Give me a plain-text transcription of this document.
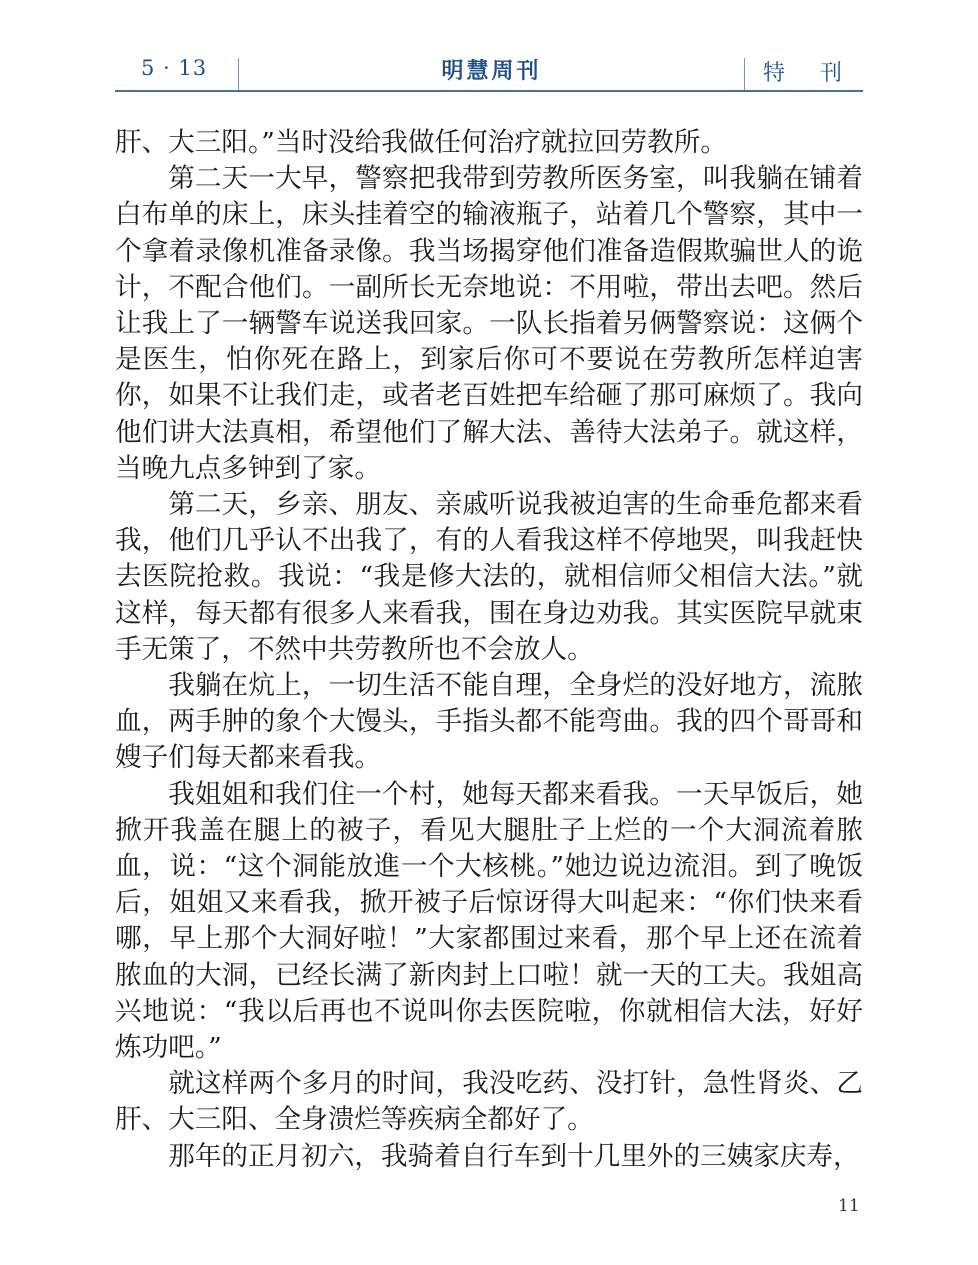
5 · 13	明慧周刊	特 刊

肝、大三阳。”当时没给我做任何治疗就拉回劳教所。

第二天一大早，警察把我带到劳教所医务室，叫我躺在铺着白布单的床上，床头挂着空的输液瓶子，站着几个警察，其中一个拿着录像机准备录像。我当场揭穿他们准备造假欺骗世人的诡计，不配合他们。一副所长无奈地说：不用啦，带出去吧。然后让我上了一辆警车说送我回家。一队长指着另俩警察说：这俩个是医生，怕你死在路上，到家后你可不要说在劳教所怎样迫害你，如果不让我们走，或者老百姓把车给砸了那可麻烦了。我向他们讲大法真相，希望他们了解大法、善待大法弟子。就这样，当晚九点多钟到了家。

第二天，乡亲、朋友、亲戚听说我被迫害的生命垂危都来看我，他们几乎认不出我了，有的人看我这样不停地哭，叫我赶快去医院抢救。我说：“我是修大法的，就相信师父相信大法。”就这样，每天都有很多人来看我，围在身边劝我。其实医院早就束手无策了，不然中共劳教所也不会放人。

我躺在炕上，一切生活不能自理，全身烂的没好地方，流脓血，两手肿的象个大馒头，手指头都不能弯曲。我的四个哥哥和嫂子们每天都来看我。

我姐姐和我们住一个村，她每天都来看我。一天早饭后，她掀开我盖在腿上的被子，看见大腿肚子上烂的一个大洞流着脓血，说：“这个洞能放進一个大核桃。”她边说边流泪。到了晚饭后，姐姐又来看我，掀开被子后惊讶得大叫起来：“你们快来看哪，早上那个大洞好啦！”大家都围过来看，那个早上还在流着脓血的大洞，已经长满了新肉封上口啦！就一天的工夫。我姐高兴地说：“我以后再也不说叫你去医院啦，你就相信大法，好好炼功吧。”

就这样两个多月的时间，我没吃药、没打针，急性肾炎、乙肝、大三阳、全身溃烂等疾病全都好了。

那年的正月初六，我骑着自行车到十几里外的三姨家庆寿，

11
